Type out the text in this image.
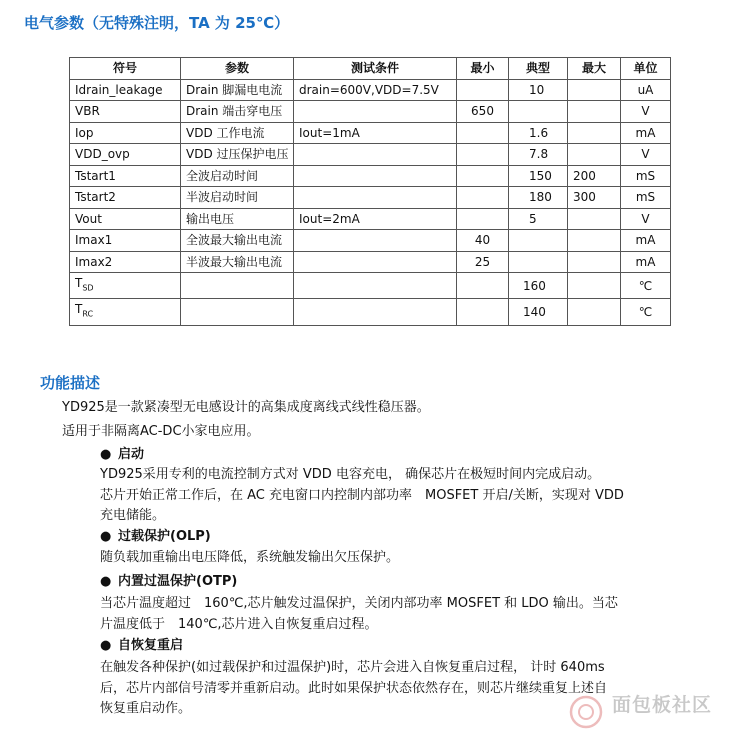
电气参数（无特殊注明，TA 为 25℃）
符号	参数	测试条件	最小	典型	最大	单位
Idrain_leakage	Drain 脚漏电电流	drain=600V,VDD=7.5V		10		uA
VBR	Drain 端击穿电压		650			V
Iop	VDD 工作电流	Iout=1mA		1.6		mA
VDD_ovp	VDD 过压保护电压			7.8		V
Tstart1	全波启动时间			150	200	mS
Tstart2	半波启动时间			180	300	mS
Vout	输出电压	Iout=2mA		5		V
Imax1	全波最大输出电流		40			mA
Imax2	半波最大输出电流		25			mA
$T_{SD}$				160		℃
$T_{RC}$				140		℃
功能描述
YD925是一款紧凑型无电感设计的高集成度离线式线性稳压器。
适用于非隔离AC-DC小家电应用。
● 启动
YD925采用专利的电流控制方式对 VDD 电容充电， 确保芯片在极短时间内完成启动。
芯片开始正常工作后，在 AC 充电窗口内控制内部功率　MOSFET 开启/关断，实现对 VDD
充电储能。
● 过载保护(OLP)
随负载加重输出电压降低，系统触发输出欠压保护。
● 内置过温保护(OTP)
当芯片温度超过　160℃,芯片触发过温保护，关闭内部功率 MOSFET 和 LDO 输出。当芯
片温度低于　140℃,芯片进入自恢复重启过程。
● 自恢复重启
在触发各种保护(如过载保护和过温保护)时，芯片会进入自恢复重启过程， 计时 640ms
后，芯片内部信号清零并重新启动。此时如果保护状态依然存在，则芯片继续重复上述自
恢复重启动作。	面包板社区
